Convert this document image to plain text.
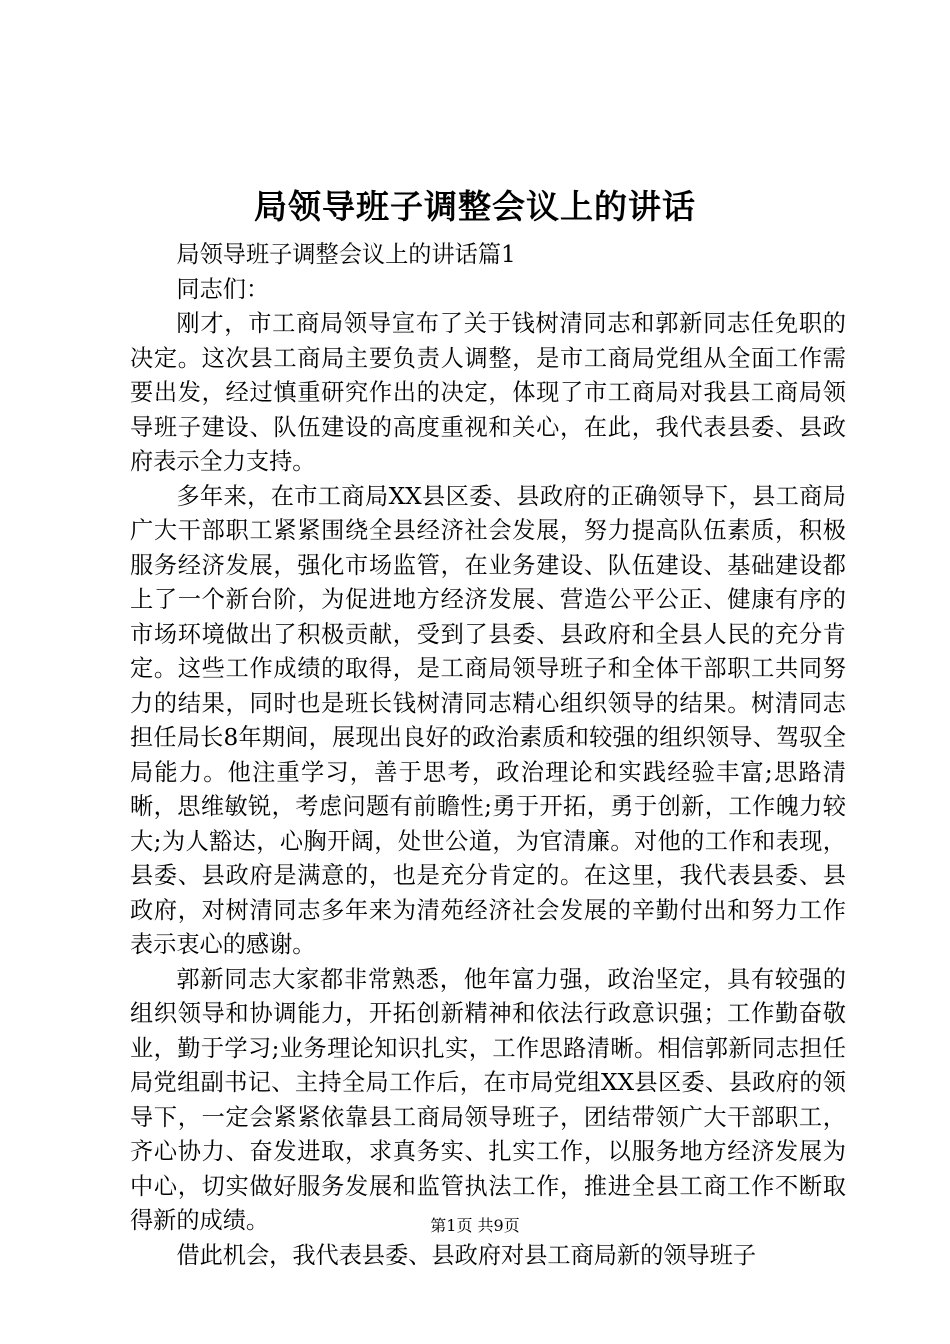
局领导班子调整会议上的讲话

局领导班子调整会议上的讲话篇1

同志们：

刚才，市工商局领导宣布了关于钱树清同志和郭新同志任免职的决定。这次县工商局主要负责人调整，是市工商局党组从全面工作需要出发，经过慎重研究作出的决定，体现了市工商局对我县工商局领导班子建设、队伍建设的高度重视和关心，在此，我代表县委、县政府表示全力支持。

多年来，在市工商局XX县区委、县政府的正确领导下，县工商局广大干部职工紧紧围绕全县经济社会发展，努力提高队伍素质，积极服务经济发展，强化市场监管，在业务建设、队伍建设、基础建设都上了一个新台阶，为促进地方经济发展、营造公平公正、健康有序的市场环境做出了积极贡献，受到了县委、县政府和全县人民的充分肯定。这些工作成绩的取得，是工商局领导班子和全体干部职工共同努力的结果，同时也是班长钱树清同志精心组织领导的结果。树清同志担任局长8年期间，展现出良好的政治素质和较强的组织领导、驾驭全局能力。他注重学习，善于思考，政治理论和实践经验丰富;思路清晰，思维敏锐，考虑问题有前瞻性;勇于开拓，勇于创新，工作魄力较大;为人豁达，心胸开阔，处世公道，为官清廉。对他的工作和表现，县委、县政府是满意的，也是充分肯定的。在这里，我代表县委、县政府，对树清同志多年来为清苑经济社会发展的辛勤付出和努力工作表示衷心的感谢。

郭新同志大家都非常熟悉，他年富力强，政治坚定，具有较强的组织领导和协调能力，开拓创新精神和依法行政意识强；工作勤奋敬业，勤于学习;业务理论知识扎实，工作思路清晰。相信郭新同志担任局党组副书记、主持全局工作后，在市局党组XX县区委、县政府的领导下，一定会紧紧依靠县工商局领导班子，团结带领广大干部职工，齐心协力、奋发进取，求真务实、扎实工作，以服务地方经济发展为中心，切实做好服务发展和监管执法工作，推进全县工商工作不断取得新的成绩。

借此机会，我代表县委、县政府对县工商局新的领导班子

第1页 共9页
